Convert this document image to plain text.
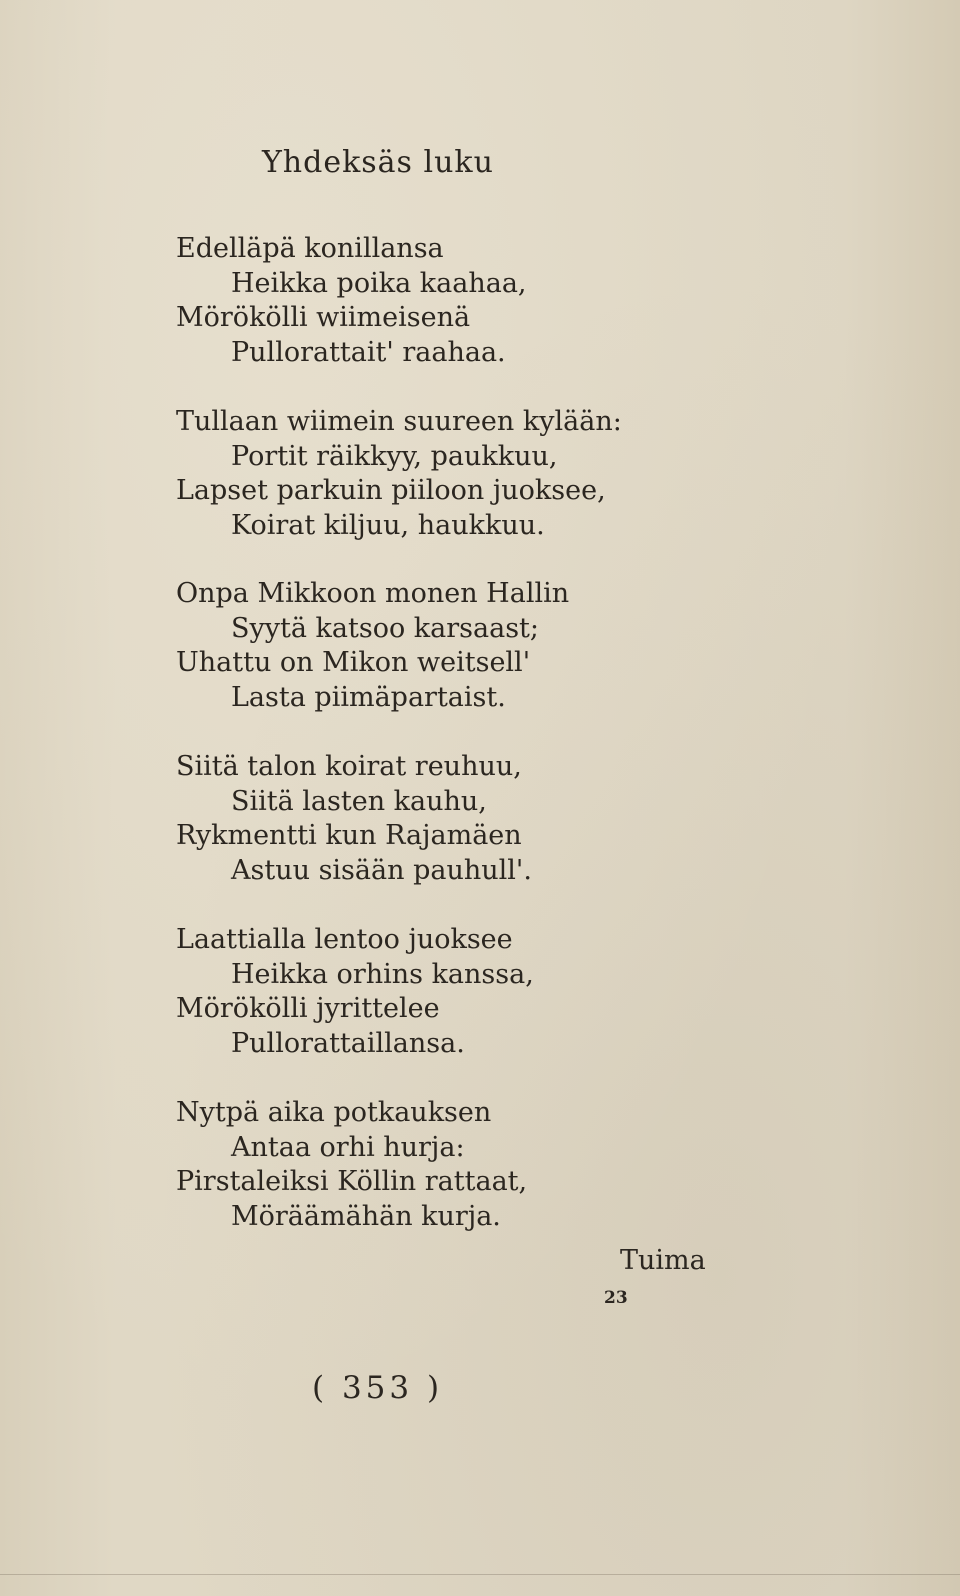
Yhdeksäs luku
Edelläpä konillansa
Heikka poika kaahaa,
Mörökölli wiimeisenä
Pullorattait' raahaa.
Tullaan wiimein suureen kylään:
Portit räikkyy, paukkuu,
Lapset parkuin piiloon juoksee,
Koirat kiljuu, haukkuu.
Onpa Mikkoon monen Hallin
Syytä katsoo karsaast;
Uhattu on Mikon weitsell'
Lasta piimäpartaist.
Siitä talon koirat reuhuu,
Siitä lasten kauhu,
Rykmentti kun Rajamäen
Astuu sisään pauhull'.
Laattialla lentoo juoksee
Heikka orhins kanssa,
Mörökölli jyrittelee
Pullorattaillansa.
Nytpä aika potkauksen
Antaa orhi hurja:
Pirstaleiksi Köllin rattaat,
Möräämähän kurja.
Tuima
23
( 353 )
